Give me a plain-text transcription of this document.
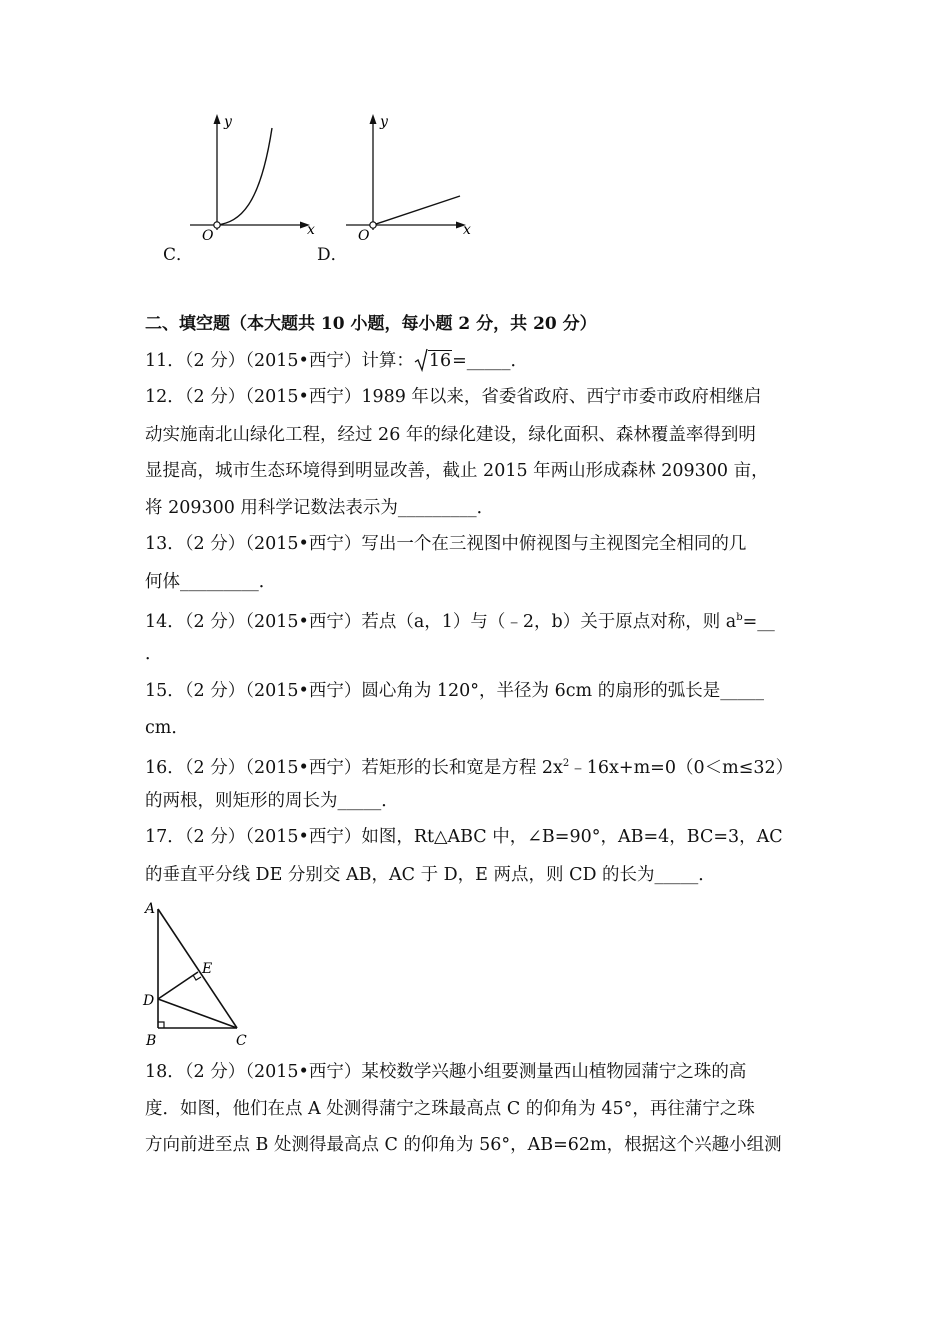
y
x
O
C．
y
x
O
D．
二、填空题（本大题共 10 小题，每小题 2 分，共 20 分）
11．（2 分）（2015•西宁）计算： 16=_____．
12．（2 分）（2015•西宁）1989 年以来，省委省政府、西宁市委市政府相继启
动实施南北山绿化工程，经过 26 年的绿化建设，绿化面积、森林覆盖率得到明
显提高，城市生态环境得到明显改善，截止 2015 年两山形成森林 209300 亩，
将 209300 用科学记数法表示为_________．
13．（2 分）（2015•西宁）写出一个在三视图中俯视图与主视图完全相同的几
何体_________．
14．（2 分）（2015•西宁）若点（a，1）与（﹣2，b）关于原点对称，则 $a^b=\_\_$
．
15．（2 分）（2015•西宁）圆心角为 120°，半径为 6cm 的扇形的弧长是_____
cm．
16．（2 分）（2015•西宁）若矩形的长和宽是方程 $2x^2﹣16x+m=0(0<m\le 32)$
的两根，则矩形的周长为_____．
17．（2 分）（2015•西宁）如图，Rt△ABC 中，∠B=90°，AB=4，BC=3，AC
的垂直平分线 DE 分别交 AB，AC 于 D，E 两点，则 CD 的长为_____．
A
E
D
B	C
18．（2 分）（2015•西宁）某校数学兴趣小组要测量西山植物园蒲宁之珠的高
度．如图，他们在点 A 处测得蒲宁之珠最高点 C 的仰角为 45°，再往蒲宁之珠
方向前进至点 B 处测得最高点 C 的仰角为 56°，AB=62m，根据这个兴趣小组测
